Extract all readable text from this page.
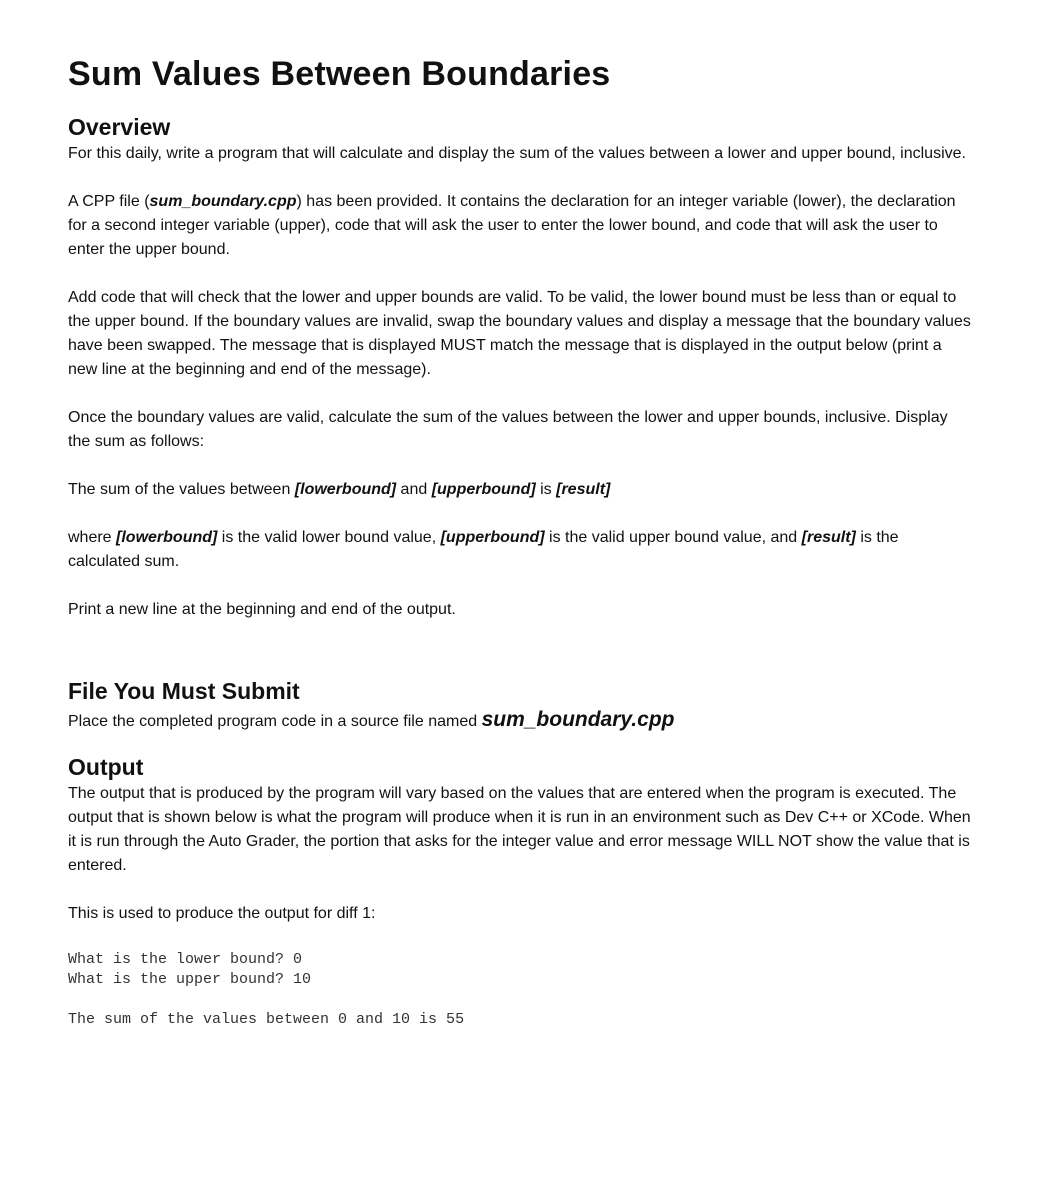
Sum Values Between Boundaries
Overview

For this daily, write a program that will calculate and display the sum of the values between a lower and upper bound, inclusive.

A CPP file (sum_boundary.cpp) has been provided. It contains the declaration for an integer variable (lower), the declaration for a second integer variable (upper), code that will ask the user to enter the lower bound, and code that will ask the user to enter the upper bound.

Add code that will check that the lower and upper bounds are valid. To be valid, the lower bound must be less than or equal to the upper bound. If the boundary values are invalid, swap the boundary values and display a message that the boundary values have been swapped. The message that is displayed MUST match the message that is displayed in the output below (print a new line at the beginning and end of the message).

Once the boundary values are valid, calculate the sum of the values between the lower and upper bounds, inclusive. Display the sum as follows:

The sum of the values between [lowerbound] and [upperbound] is [result]

where [lowerbound] is the valid lower bound value, [upperbound] is the valid upper bound value, and [result] is the calculated sum.

Print a new line at the beginning and end of the output.

File You Must Submit

Place the completed program code in a source file named sum_boundary.cpp

Output

The output that is produced by the program will vary based on the values that are entered when the program is executed. The output that is shown below is what the program will produce when it is run in an environment such as Dev C++ or XCode. When it is run through the Auto Grader, the portion that asks for the integer value and error message WILL NOT show the value that is entered.

This is used to produce the output for diff 1:

What is the lower bound? 0
What is the upper bound? 10
The sum of the values between 0 and 10 is 55
